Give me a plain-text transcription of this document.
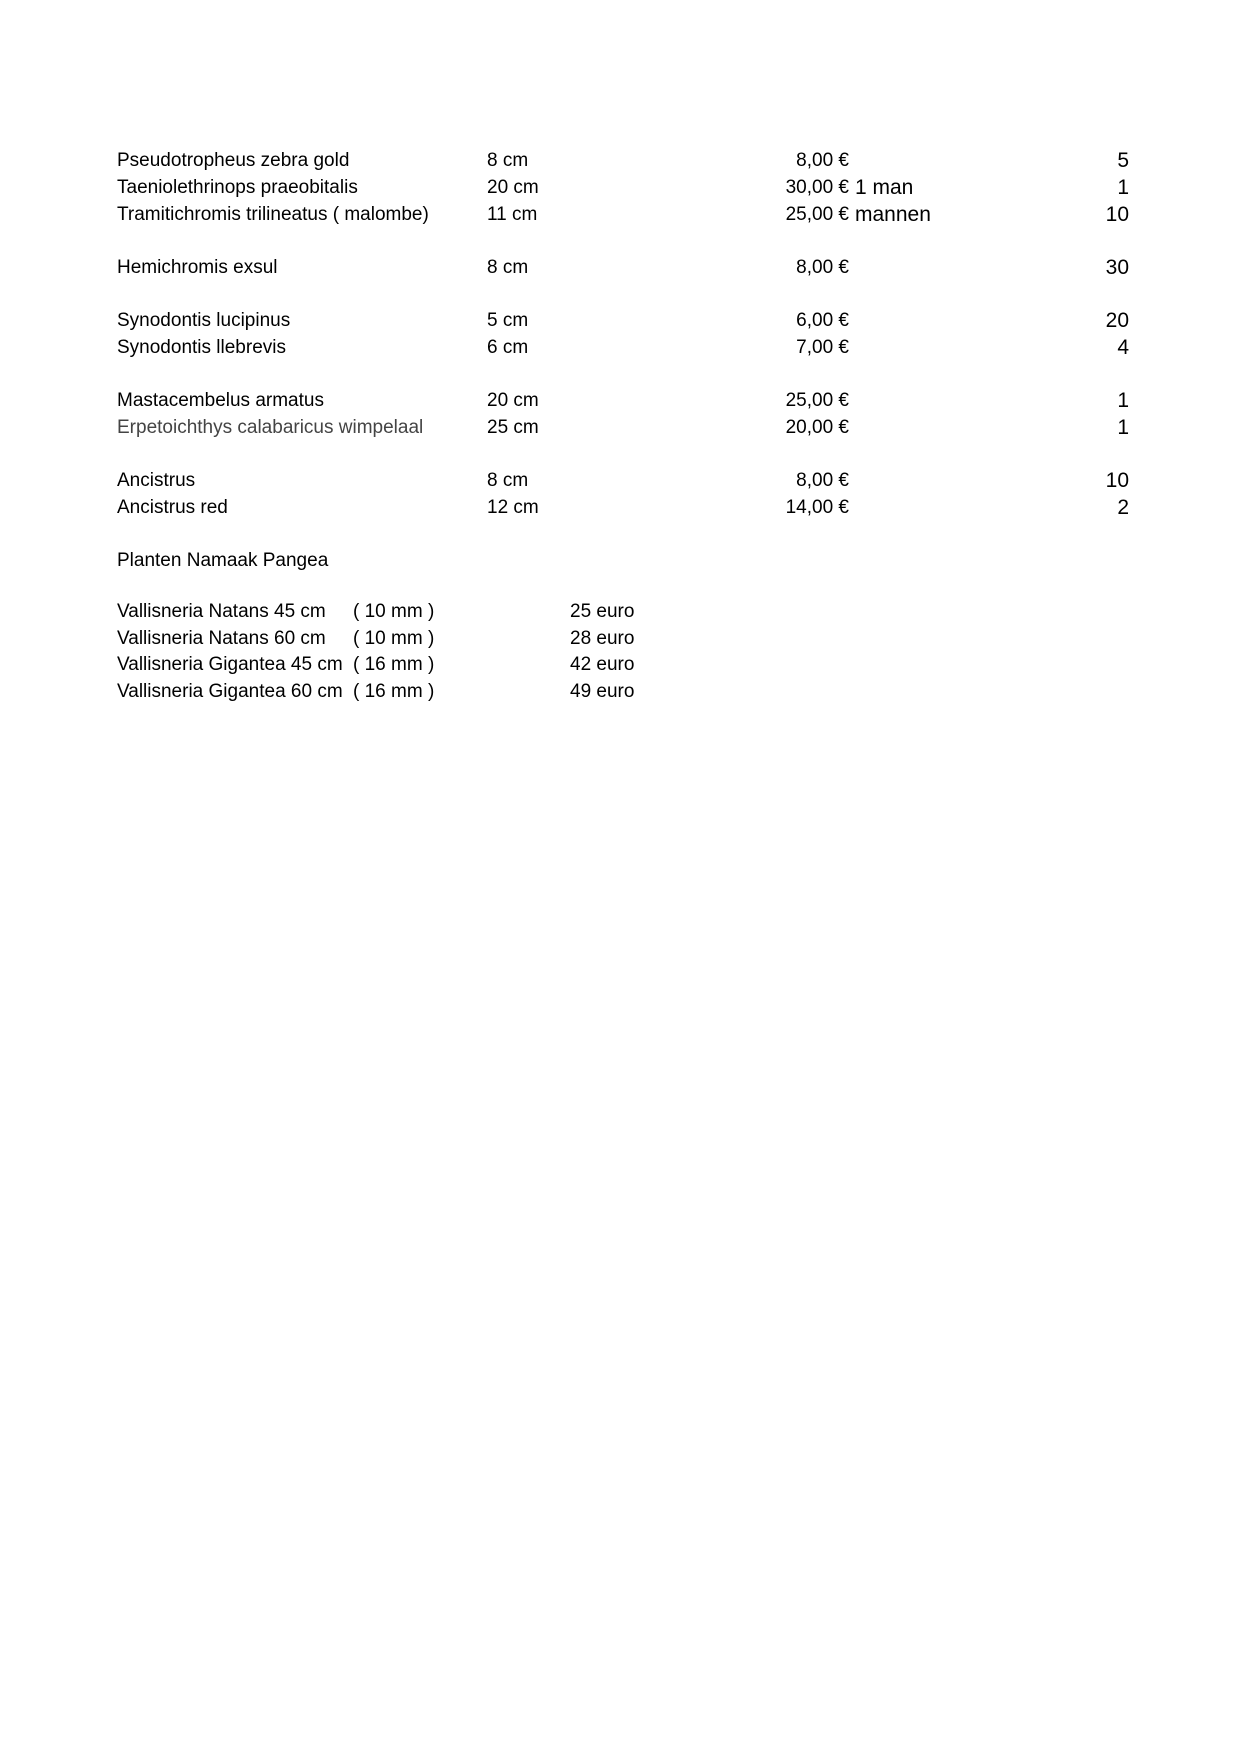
Pseudotropheus zebra gold	8 cm	8,00 €	5
Taeniolethrinops praeobitalis	20 cm	30,00 € 1 man	1
Tramitichromis trilineatus ( malombe)	11 cm	25,00 € mannen	10
Hemichromis exsul	8 cm	8,00 €	30
Synodontis lucipinus	5 cm	6,00 €	20
Synodontis llebrevis	6 cm	7,00 €	4
Mastacembelus armatus	20 cm	25,00 €	1
Erpetoichthys calabaricus wimpelaal	25 cm	20,00 €	1
Ancistrus	8 cm	8,00 €	10
Ancistrus red	12 cm	14,00 €	2
Planten Namaak Pangea
Vallisneria Natans 45 cm ( 10 mm )	25 euro
Vallisneria Natans 60 cm ( 10 mm )	28 euro
Vallisneria Gigantea 45 cm ( 16 mm )	42 euro
Vallisneria Gigantea 60 cm ( 16 mm )	49 euro
